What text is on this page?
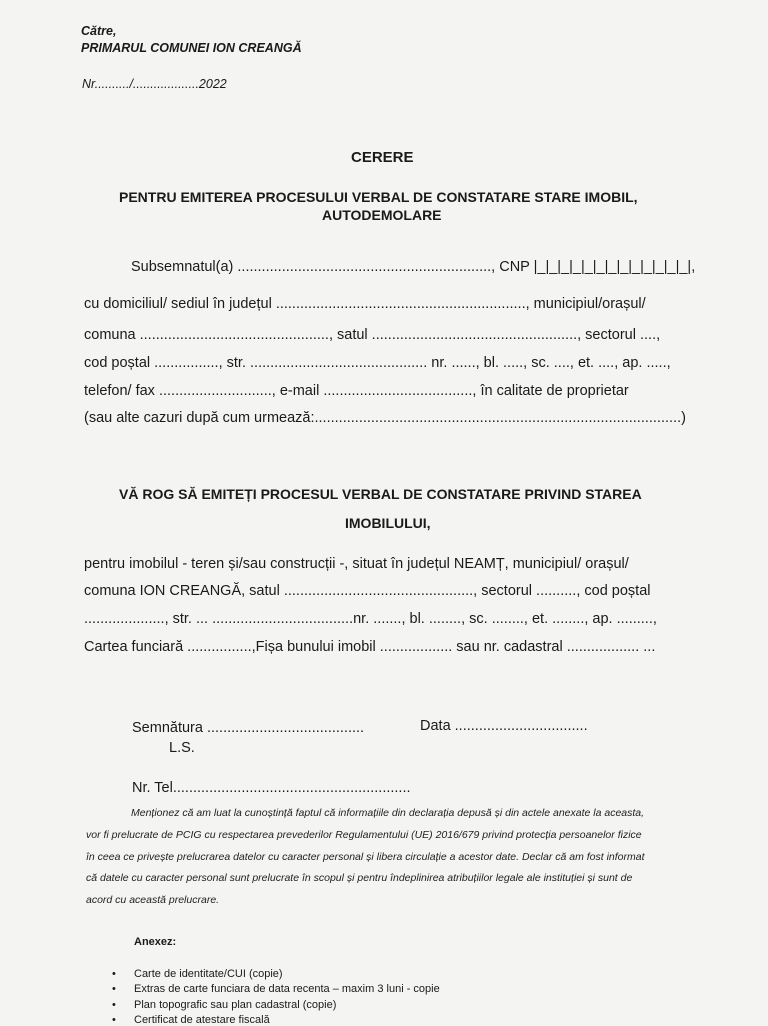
Către,
PRIMARUL COMUNEI ION CREANGĂ
Nr........../...................2022
CERERE
PENTRU EMITEREA PROCESULUI VERBAL DE CONSTATARE STARE IMOBIL,
AUTODEMOLARE
Subsemnatul(a) ..............................................................., CNP |_|_|_|_|_|_|_|_|_|_|_|_|_|,
cu domiciliul/ sediul în județul .............................................................., municipiul/orașul/
comuna ..............................................., satul ..................................................., sectorul ....,
cod poștal ................, str. ............................................ nr. ......, bl. ....., sc. ...., et. ...., ap. .....,
telefon/ fax ............................, e-mail ....................................., în calitate de proprietar
(sau alte cazuri după cum urmează:...........................................................................................)
VĂ ROG SĂ EMITEȚI PROCESUL VERBAL DE CONSTATARE PRIVIND STAREA
IMOBILULUI,
pentru imobilul - teren și/sau construcții -, situat în județul NEAMȚ, municipiul/ orașul/
comuna ION CREANGĂ, satul ..............................................., sectorul .........., cod poștal
...................., str. ... ...................................nr. ......., bl. ........, sc. ........, et. ........, ap. .........,
Cartea funciară ................,Fișa bunului imobil .................. sau nr. cadastral .................. ...
Semnătura .......................................	Data .................................
L.S.
Nr. Tel...........................................................
Menționez că am luat la cunoștință faptul că informațiile din declarația depusă și din actele anexate la aceasta,
vor fi prelucrate de PCIG cu respectarea prevederilor Regulamentului (UE) 2016/679 privind protecția persoanelor fizice
în ceea ce privește prelucrarea datelor cu caracter personal și libera circulație a acestor date. Declar că am fost informat
că datele cu caracter personal sunt prelucrate în scopul și pentru îndeplinirea atribuțiilor legale ale instituției și sunt de
acord cu această prelucrare.
Anexez:
• Carte de identitate/CUI (copie)
• Extras de carte funciara de data recenta – maxim 3 luni - copie
• Plan topografic sau plan cadastral (copie)
• Certificat de atestare fiscală
